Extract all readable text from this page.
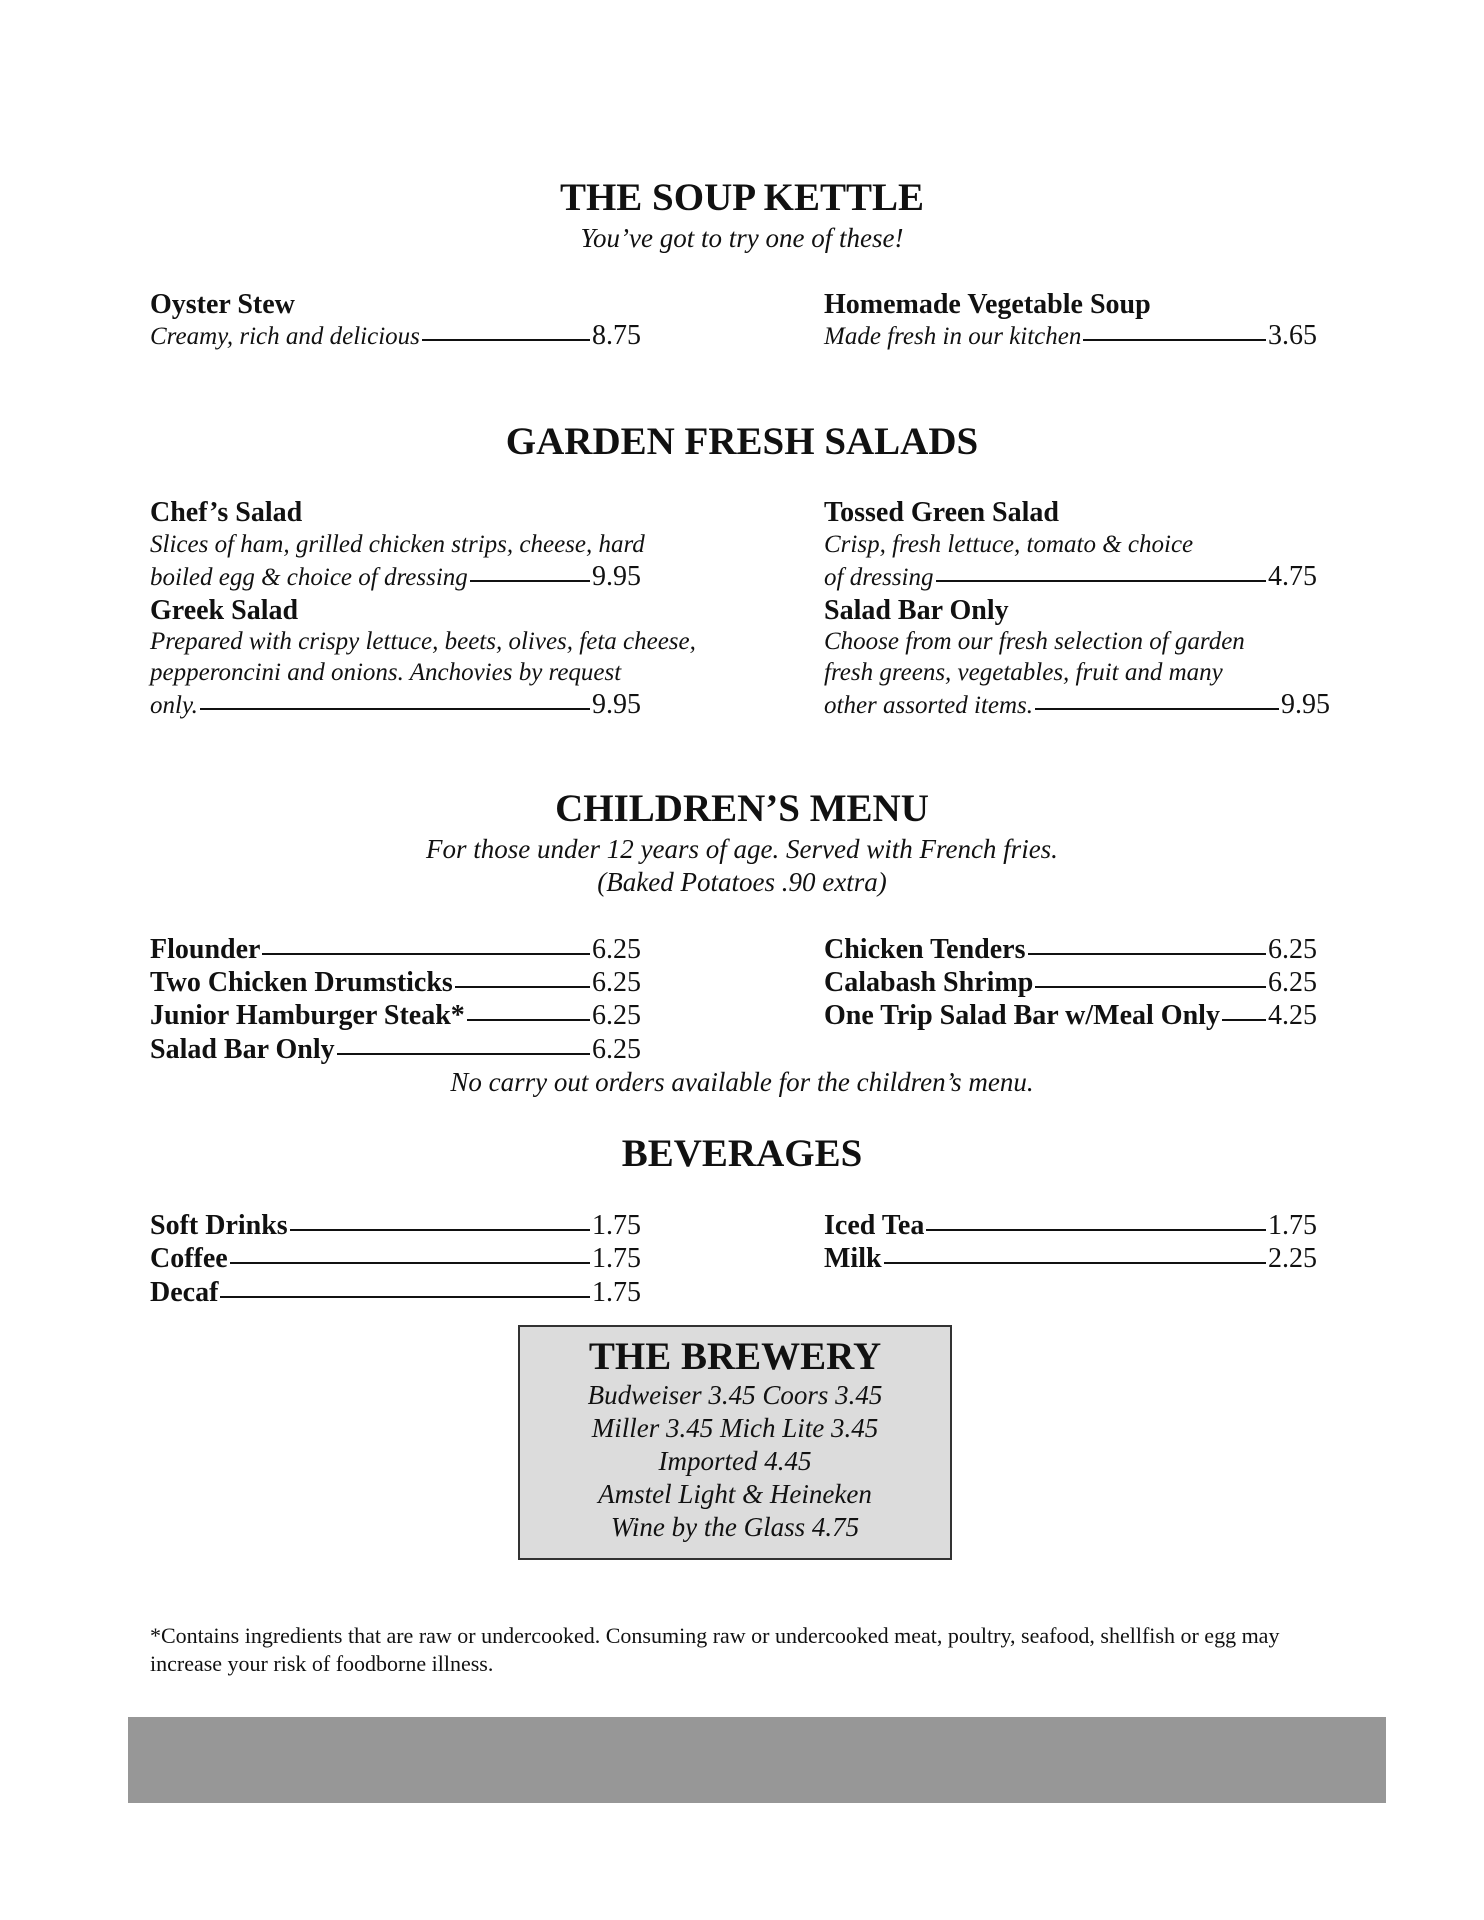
THE SOUP KETTLE
You’ve got to try one of these!
Oyster Stew
Creamy, rich and delicious	8.75
Homemade Vegetable Soup
Made fresh in our kitchen	3.65
GARDEN FRESH SALADS
Chef’s Salad
Slices of ham, grilled chicken strips, cheese, hard
boiled egg & choice of dressing	9.95
Greek Salad
Prepared with crispy lettuce, beets, olives, feta cheese,
pepperoncini and onions. Anchovies by request
only.	9.95
Tossed Green Salad
Crisp, fresh lettuce, tomato & choice
of dressing	4.75
Salad Bar Only
Choose from our fresh selection of garden
fresh greens, vegetables, fruit and many
other assorted items.	9.95
CHILDREN’S MENU
For those under 12 years of age. Served with French fries.
(Baked Potatoes .90 extra)
Flounder	6.25
Two Chicken Drumsticks	6.25
Junior Hamburger Steak*	6.25
Salad Bar Only	6.25
Chicken Tenders	6.25
Calabash Shrimp	6.25
One Trip Salad Bar w/Meal Only 4.25
No carry out orders available for the children’s menu.
BEVERAGES
Soft Drinks	1.75
Coffee	1.75
Decaf	1.75
Iced Tea	1.75
Milk	2.25
THE BREWERY
Budweiser 3.45 Coors 3.45
Miller 3.45 Mich Lite 3.45
Imported 4.45
Amstel Light & Heineken
Wine by the Glass 4.75
*Contains ingredients that are raw or undercooked. Consuming raw or undercooked meat, poultry, seafood, shellfish or egg may increase your risk of foodborne illness.
